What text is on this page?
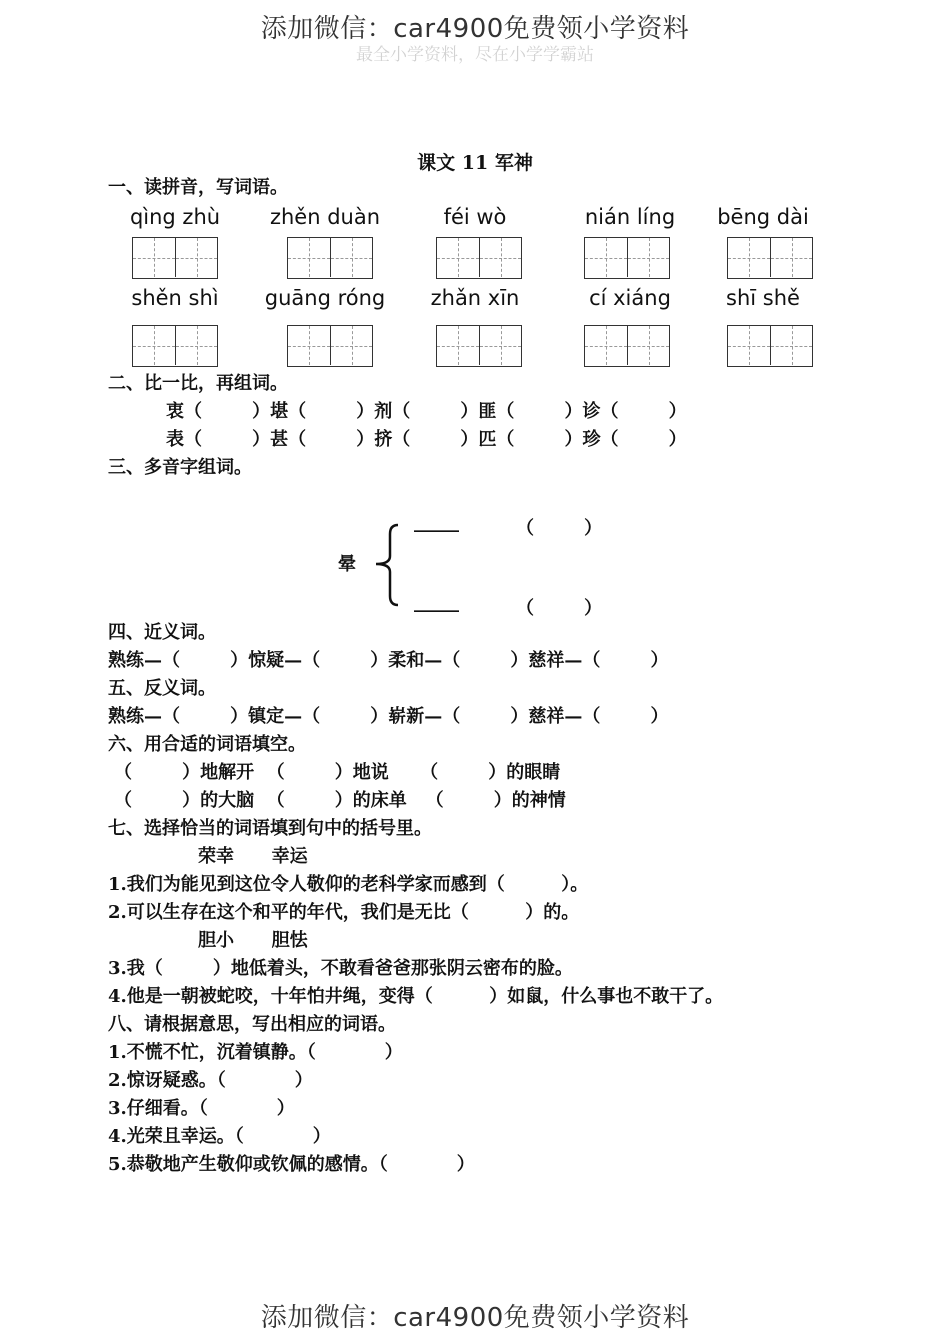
添加微信：car4900免费领小学资料
最全小学资料，尽在小学学霸站
课文 11 军神
一、读拼音，写词语。
qìng zhù	zhěn duàn	féi wò	nián líng	bēng dài
shěn shì	guāng róng	zhǎn xīn	cí xiáng	shī shě
二、比一比，再组词。
衷（        ）堪（        ）剂（        ）匪（        ）诊（        ）
表（        ）甚（        ）挤（        ）匹（        ）珍（        ）
三、多音字组词。
晕
_____
_____
（        ）
（        ）
四、近义词。
熟练—（        ）惊疑—（        ）柔和—（        ）慈祥—（        ）
五、反义词。
熟练—（        ）镇定—（        ）崭新—（        ）慈祥—（        ）
六、用合适的词语填空。
（        ）地解开  （        ）地说     （        ）的眼睛
（        ）的大脑  （        ）的床单   （        ）的神情
七、选择恰当的词语填到句中的括号里。
荣幸      幸运
1.我们为能见到这位令人敬仰的老科学家而感到（         ）。
2.可以生存在这个和平的年代，我们是无比（         ）的。
胆小      胆怯
3.我（        ）地低着头，不敢看爸爸那张阴云密布的脸。
4.他是一朝被蛇咬，十年怕井绳，变得（         ）如鼠，什么事也不敢干了。
八、请根据意思，写出相应的词语。
1.不慌不忙，沉着镇静。（           ）
2.惊讶疑惑。（           ）
3.仔细看。（           ）
4.光荣且幸运。（           ）
5.恭敬地产生敬仰或钦佩的感情。（           ）
添加微信：car4900免费领小学资料
